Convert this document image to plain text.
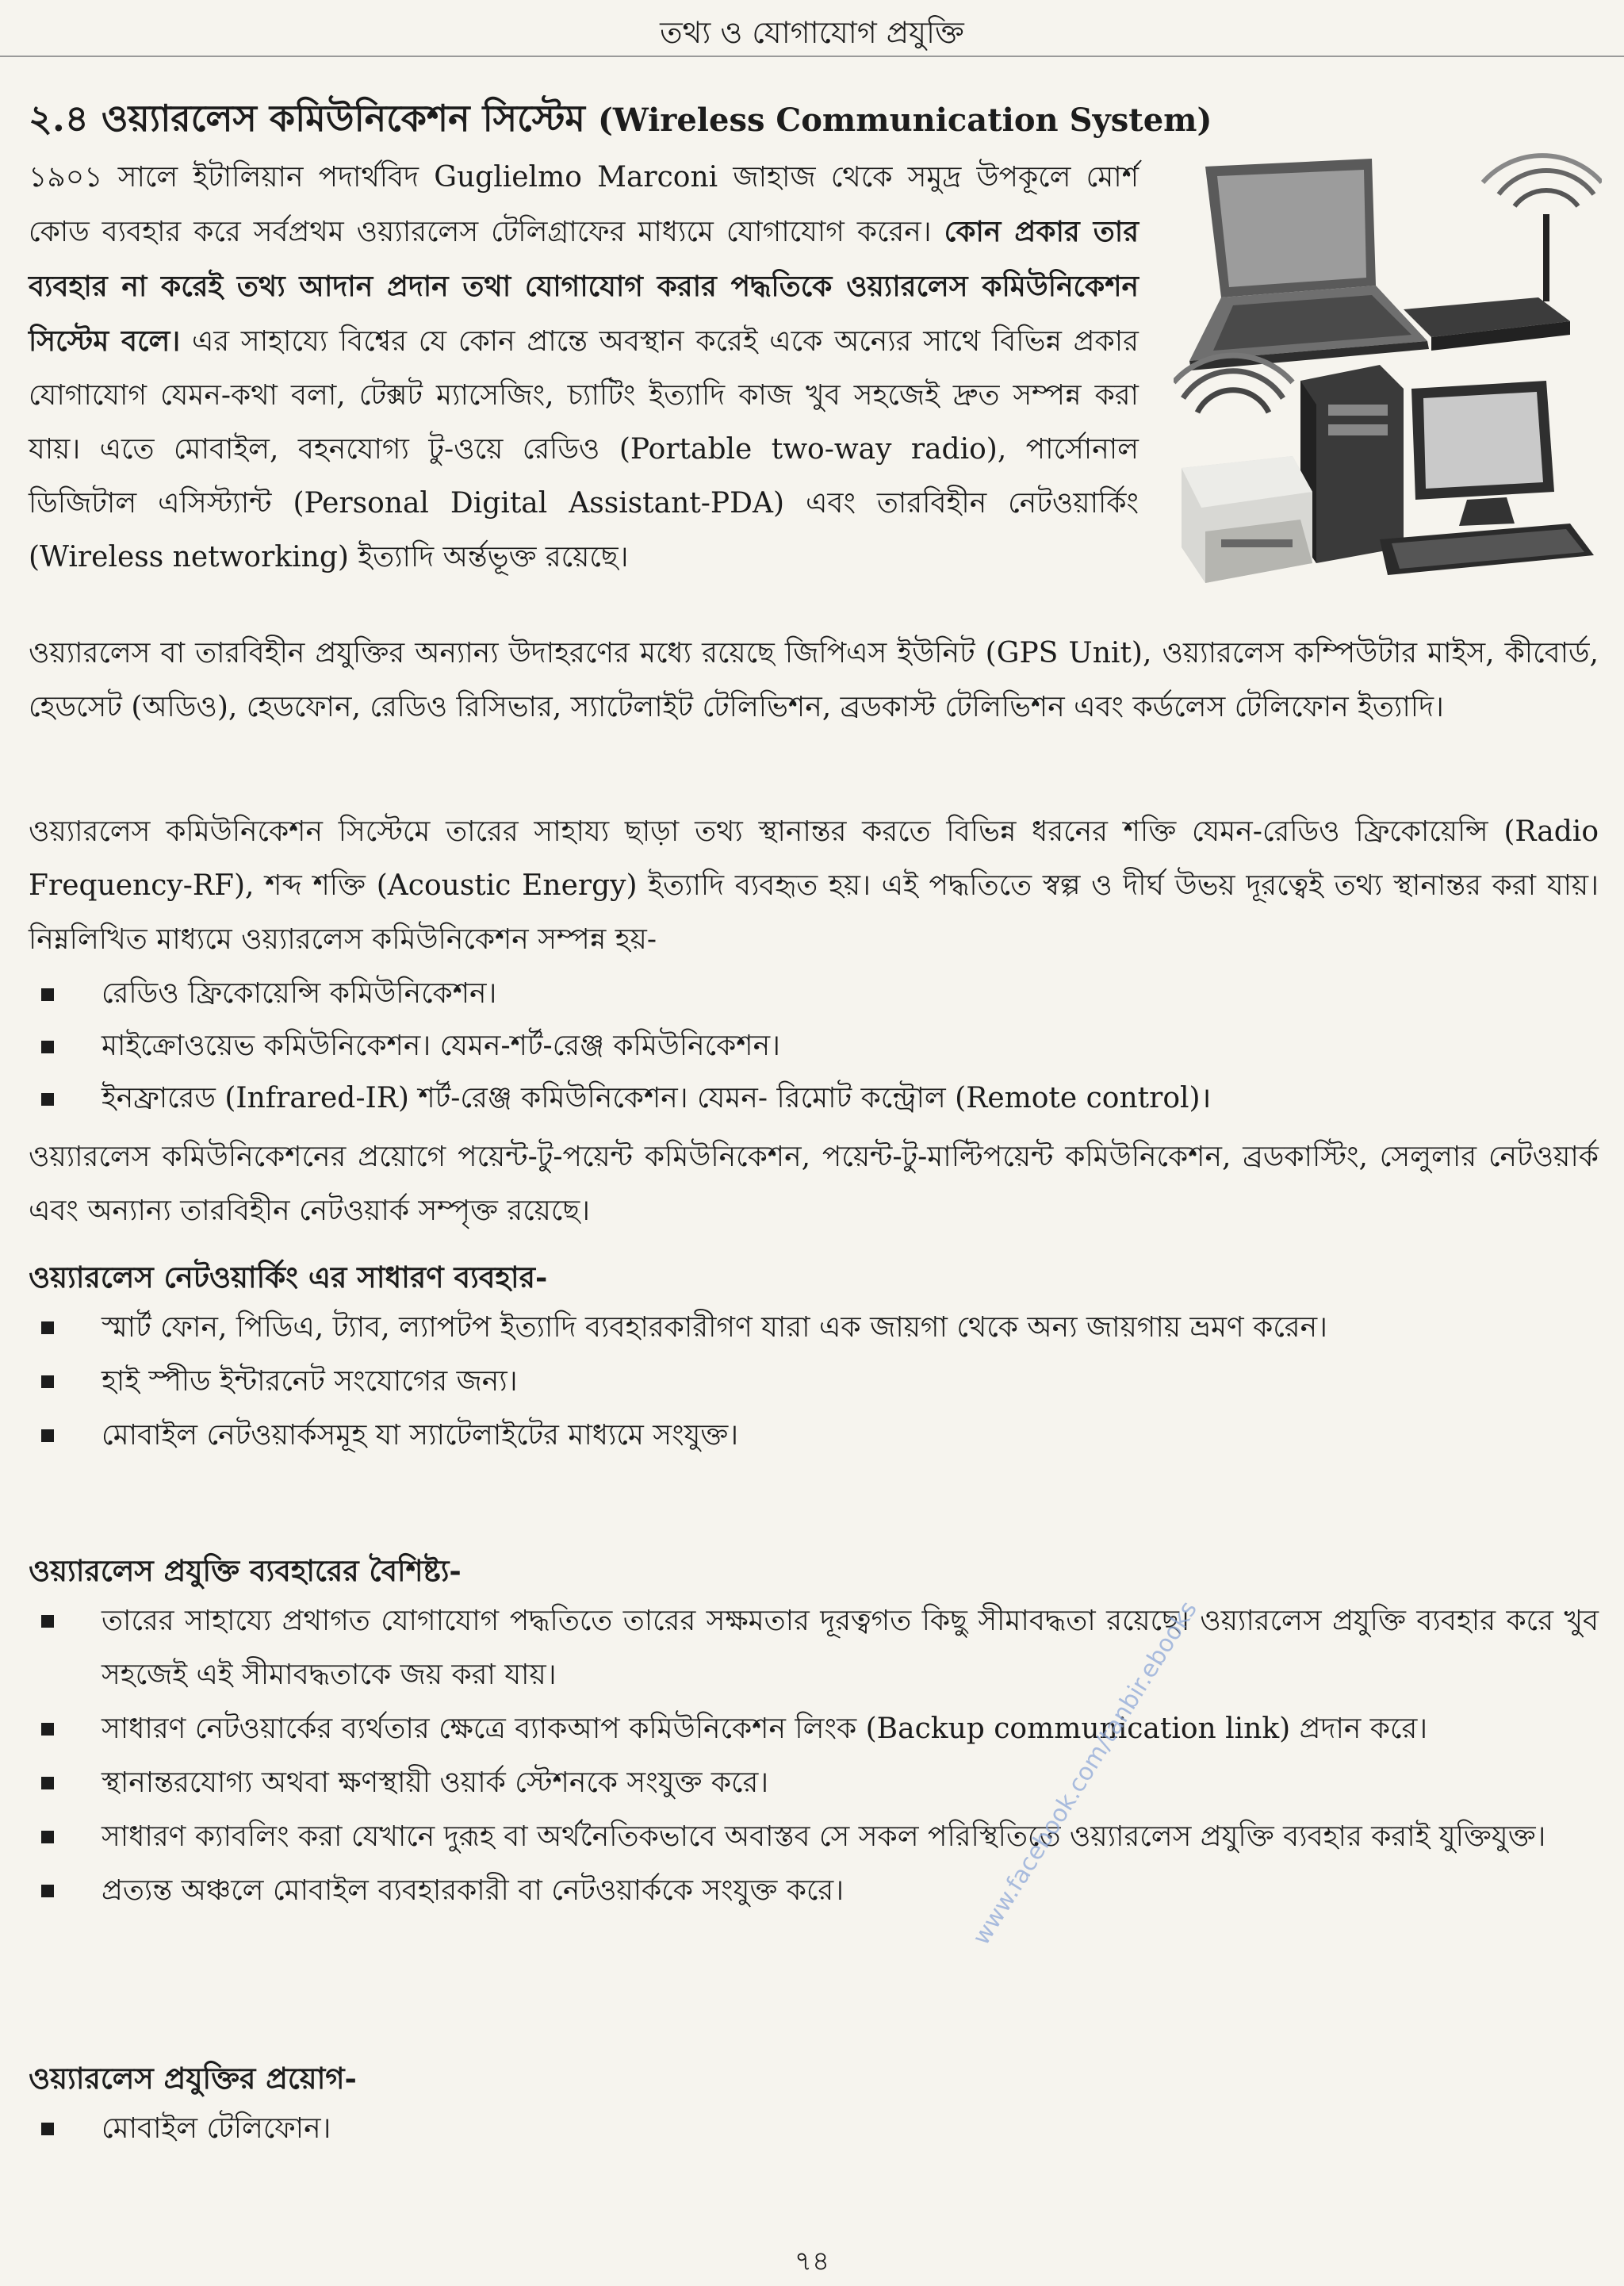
তথ্য ও যোগাযোগ প্রযুক্তি
২.৪ ওয়্যারলেস কমিউনিকেশন সিস্টেম (Wireless Communication System)
১৯০১ সালে ইটালিয়ান পদার্থবিদ Guglielmo Marconi জাহাজ থেকে সমুদ্র উপকূলে মোর্শ কোড ব্যবহার করে সর্বপ্রথম ওয়্যারলেস টেলিগ্রাফের মাধ্যমে যোগাযোগ করেন। কোন প্রকার তার ব্যবহার না করেই তথ্য আদান প্রদান তথা যোগাযোগ করার পদ্ধতিকে ওয়্যারলেস কমিউনিকেশন সিস্টেম বলে। এর সাহায্যে বিশ্বের যে কোন প্রান্তে অবস্থান করেই একে অন্যের সাথে বিভিন্ন প্রকার যোগাযোগ যেমন-কথা বলা, টেক্সট ম্যাসেজিং, চ্যাটিং ইত্যাদি কাজ খুব সহজেই দ্রুত সম্পন্ন করা যায়। এতে মোবাইল, বহনযোগ্য টু-ওয়ে রেডিও (Portable two-way radio), পার্সোনাল ডিজিটাল এসিস্ট্যান্ট (Personal Digital Assistant-PDA) এবং তারবিহীন নেটওয়ার্কিং (Wireless networking) ইত্যাদি অর্ন্তভূক্ত রয়েছে।
ওয়্যারলেস বা তারবিহীন প্রযুক্তির অন্যান্য উদাহরণের মধ্যে রয়েছে জিপিএস ইউনিট (GPS Unit), ওয়্যারলেস কম্পিউটার মাইস, কীবোর্ড, হেডসেট (অডিও), হেডফোন, রেডিও রিসিভার, স্যাটেলাইট টেলিভিশন, ব্রডকাস্ট টেলিভিশন এবং কর্ডলেস টেলিফোন ইত্যাদি।
ওয়্যারলেস কমিউনিকেশন সিস্টেমে তারের সাহায্য ছাড়া তথ্য স্থানান্তর করতে বিভিন্ন ধরনের শক্তি যেমন-রেডিও ফ্রিকোয়েন্সি (Radio Frequency-RF), শব্দ শক্তি (Acoustic Energy) ইত্যাদি ব্যবহৃত হয়। এই পদ্ধতিতে স্বল্প ও দীর্ঘ উভয় দূরত্বেই তথ্য স্থানান্তর করা যায়। নিম্নলিখিত মাধ্যমে ওয়্যারলেস কমিউনিকেশন সম্পন্ন হয়-
রেডিও ফ্রিকোয়েন্সি কমিউনিকেশন।
মাইক্রোওয়েভ কমিউনিকেশন। যেমন-শর্ট-রেঞ্জ কমিউনিকেশন।
ইনফ্রারেড (Infrared-IR) শর্ট-রেঞ্জ কমিউনিকেশন। যেমন- রিমোট কন্ট্রোল (Remote control)।
ওয়্যারলেস কমিউনিকেশনের প্রয়োগে পয়েন্ট-টু-পয়েন্ট কমিউনিকেশন, পয়েন্ট-টু-মাল্টিপয়েন্ট কমিউনিকেশন, ব্রডকাস্টিং, সেলুলার নেটওয়ার্ক এবং অন্যান্য তারবিহীন নেটওয়ার্ক সম্পৃক্ত রয়েছে।
ওয়্যারলেস নেটওয়ার্কিং এর সাধারণ ব্যবহার-
স্মার্ট ফোন, পিডিএ, ট্যাব, ল্যাপটপ ইত্যাদি ব্যবহারকারীগণ যারা এক জায়গা থেকে অন্য জায়গায় ভ্রমণ করেন।
হাই স্পীড ইন্টারনেট সংযোগের জন্য।
মোবাইল নেটওয়ার্কসমূহ যা স্যাটেলাইটের মাধ্যমে সংযুক্ত।
ওয়্যারলেস প্রযুক্তি ব্যবহারের বৈশিষ্ট্য-
তারের সাহায্যে প্রথাগত যোগাযোগ পদ্ধতিতে তারের সক্ষমতার দূরত্বগত কিছু সীমাবদ্ধতা রয়েছে। ওয়্যারলেস প্রযুক্তি ব্যবহার করে খুব সহজেই এই সীমাবদ্ধতাকে জয় করা যায়।
সাধারণ নেটওয়ার্কের ব্যর্থতার ক্ষেত্রে ব্যাকআপ কমিউনিকেশন লিংক (Backup communication link) প্রদান করে।
স্থানান্তরযোগ্য অথবা ক্ষণস্থায়ী ওয়ার্ক স্টেশনকে সংযুক্ত করে।
সাধারণ ক্যাবলিং করা যেখানে দুরূহ বা অর্থনৈতিকভাবে অবাস্তব সে সকল পরিস্থিতিতে ওয়্যারলেস প্রযুক্তি ব্যবহার করাই যুক্তিযুক্ত।
প্রত্যন্ত অঞ্চলে মোবাইল ব্যবহারকারী বা নেটওয়ার্ককে সংযুক্ত করে।
ওয়্যারলেস প্রযুক্তির প্রয়োগ-
মোবাইল টেলিফোন।
www.facebook.com/tanbir.ebooks
৭৪
